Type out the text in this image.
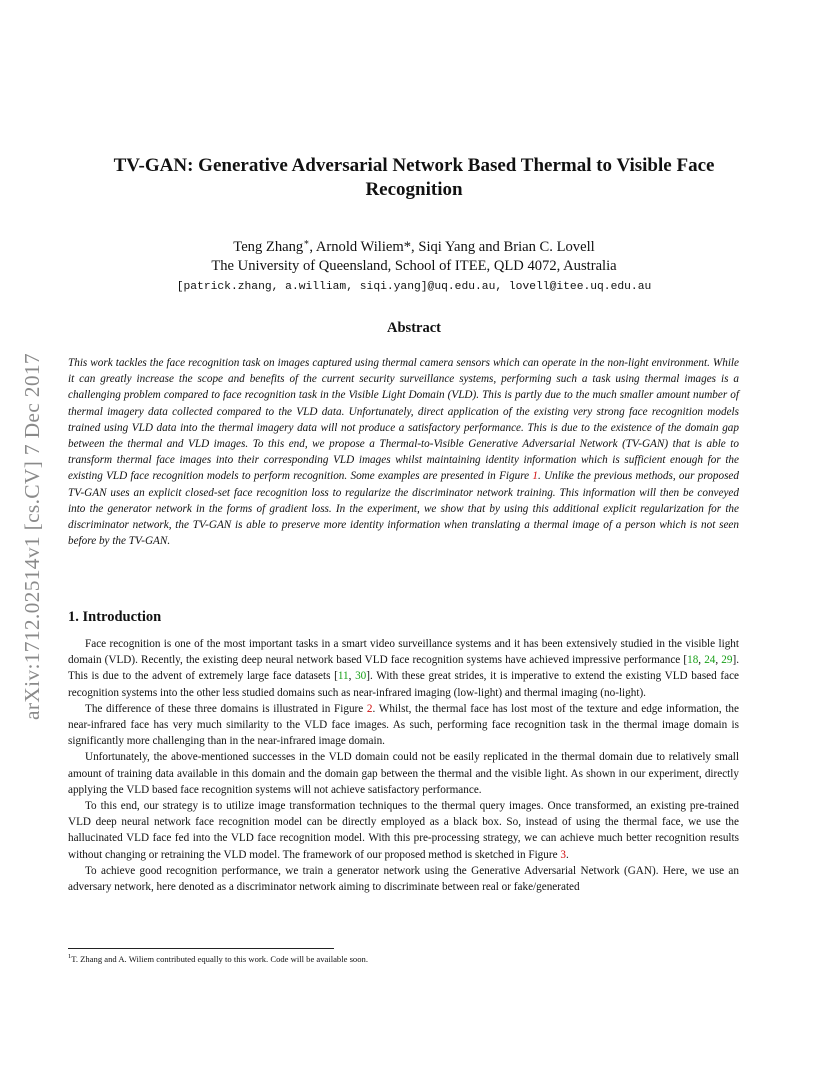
arXiv:1712.02514v1 [cs.CV] 7 Dec 2017
TV-GAN: Generative Adversarial Network Based Thermal to Visible Face
Recognition
Teng Zhang∗, Arnold Wiliem*, Siqi Yang and Brian C. Lovell
The University of Queensland, School of ITEE, QLD 4072, Australia
[patrick.zhang, a.william, siqi.yang]@uq.edu.au, lovell@itee.uq.edu.au
Abstract
This work tackles the face recognition task on images captured using thermal camera sensors which can operate in the non-light environment. While it can greatly increase the scope and benefits of the current security surveillance systems, performing such a task using thermal images is a challenging problem compared to face recognition task in the Visible Light Domain (VLD). This is partly due to the much smaller amount number of thermal imagery data collected compared to the VLD data. Unfortunately, direct application of the existing very strong face recognition models trained using VLD data into the thermal imagery data will not produce a satisfactory performance. This is due to the existence of the domain gap between the thermal and VLD images. To this end, we propose a Thermal-to-Visible Generative Adversarial Network (TV-GAN) that is able to transform thermal face images into their corresponding VLD images whilst maintaining identity information which is sufficient enough for the existing VLD face recognition models to perform recognition. Some examples are presented in Figure 1. Unlike the previous methods, our proposed TV-GAN uses an explicit closed-set face recognition loss to regularize the discriminator network training. This information will then be conveyed into the generator network in the forms of gradient loss. In the experiment, we show that by using this additional explicit regularization for the discriminator network, the TV-GAN is able to preserve more identity information when translating a thermal image of a person which is not seen before by the TV-GAN.
1. Introduction

Face recognition is one of the most important tasks in a smart video surveillance systems and it has been extensively studied in the visible light domain (VLD). Recently, the existing deep neural network based VLD face recognition systems have achieved impressive performance [18, 24, 29]. This is due to the advent of extremely large face datasets [11, 30]. With these great strides, it is imperative to extend the existing VLD based face recognition systems into the other less studied domains such as near-infrared imaging (low-light) and thermal imaging (no-light).

The difference of these three domains is illustrated in Figure 2. Whilst, the thermal face has lost most of the texture and edge information, the near-infrared face has very much similarity to the VLD face images. As such, performing face recognition task in the thermal image domain is significantly more challenging than in the near-infrared image domain.

Unfortunately, the above-mentioned successes in the VLD domain could not be easily replicated in the thermal domain due to relatively small amount of training data available in this domain and the domain gap between the thermal and the visible light. As shown in our experiment, directly applying the VLD based face recognition systems will not achieve satisfactory performance.

To this end, our strategy is to utilize image transformation techniques to the thermal query images. Once transformed, an existing pre-trained VLD deep neural network face recognition model can be directly employed as a black box. So, instead of using the thermal face, we use the hallucinated VLD face fed into the VLD face recognition model. With this pre-processing strategy, we can achieve much better recognition results without changing or retraining the VLD model. The framework of our proposed method is sketched in Figure 3.

To achieve good recognition performance, we train a generator network using the Generative Adversarial Network (GAN). Here, we use an adversary network, here denoted as a discriminator network aiming to discriminate between real or fake/generated

$^1$T. Zhang and A. Wiliem contributed equally to this work. Code will be available soon.
